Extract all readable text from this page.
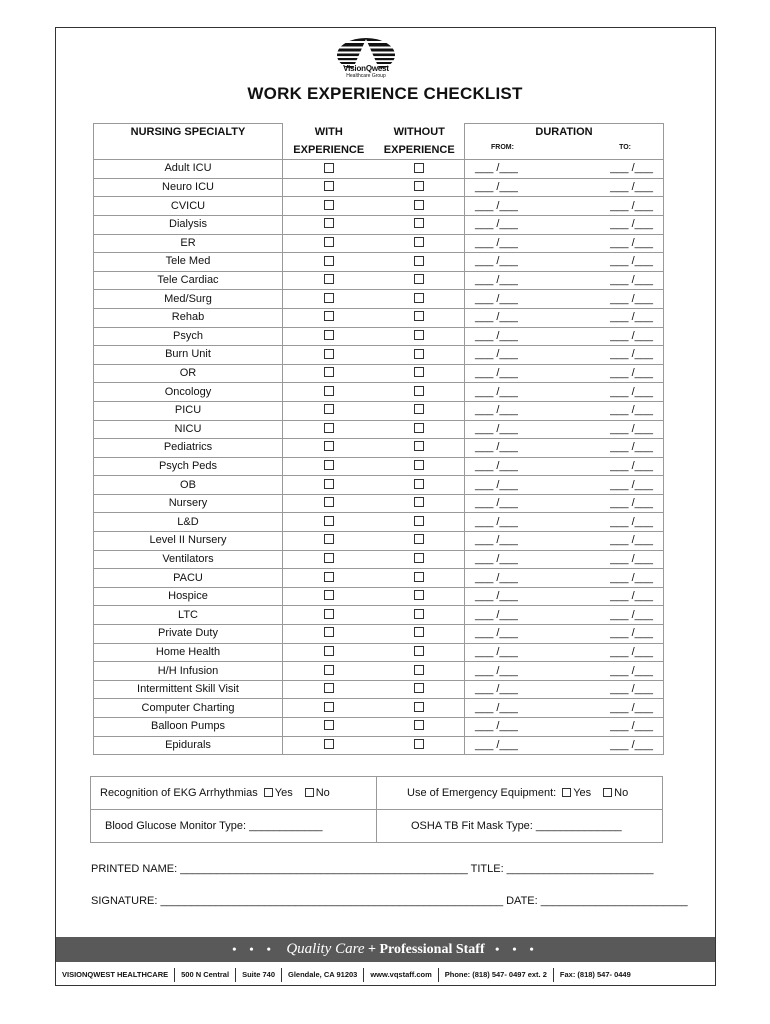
VisionQwest
Healthcare Group
WORK EXPERIENCE CHECKLIST
NURSING SPECIALTY	WITH	WITHOUT	DURATION
	EXPERIENCE	EXPERIENCE	FROM: TO:

Adult ICU			___ /___ ___ /___

Neuro ICU			___ /___ ___ /___

CVICU			___ /___ ___ /___

Dialysis			___ /___ ___ /___

ER			___ /___ ___ /___

Tele Med			___ /___ ___ /___

Tele Cardiac			___ /___ ___ /___

Med/Surg			___ /___ ___ /___

Rehab			___ /___ ___ /___

Psych			___ /___ ___ /___

Burn Unit			___ /___ ___ /___

OR			___ /___ ___ /___

Oncology			___ /___ ___ /___

PICU			___ /___ ___ /___

NICU			___ /___ ___ /___

Pediatrics			___ /___ ___ /___

Psych Peds			___ /___ ___ /___

OB			___ /___ ___ /___

Nursery			___ /___ ___ /___

L&D			___ /___ ___ /___

Level II Nursery			___ /___ ___ /___

Ventilators			___ /___ ___ /___

PACU			___ /___ ___ /___

Hospice			___ /___ ___ /___

LTC			___ /___ ___ /___

Private Duty			___ /___ ___ /___

Home Health			___ /___ ___ /___

H/H Infusion			___ /___ ___ /___

Intermittent Skill Visit			___ /___ ___ /___

Computer Charting			___ /___ ___ /___

Balloon Pumps			___ /___ ___ /___

Epidurals			___ /___ ___ /___
Recognition of EKG Arrhythmias Yes No	Use of Emergency Equipment: Yes No
Blood Glucose Monitor Type: ____________	OSHA TB Fit Mask Type: ______________
PRINTED NAME: _______________________________________________ TITLE: ________________________
SIGNATURE: ________________________________________________________ DATE: ________________________
• • • Quality Care + Professional Staff • • •
VISIONQWEST HEALTHCARE	500 N Central	Suite 740	Glendale, CA 91203	www.vqstaff.com	Phone: (818) 547- 0497 ext. 2	Fax: (818) 547- 0449
